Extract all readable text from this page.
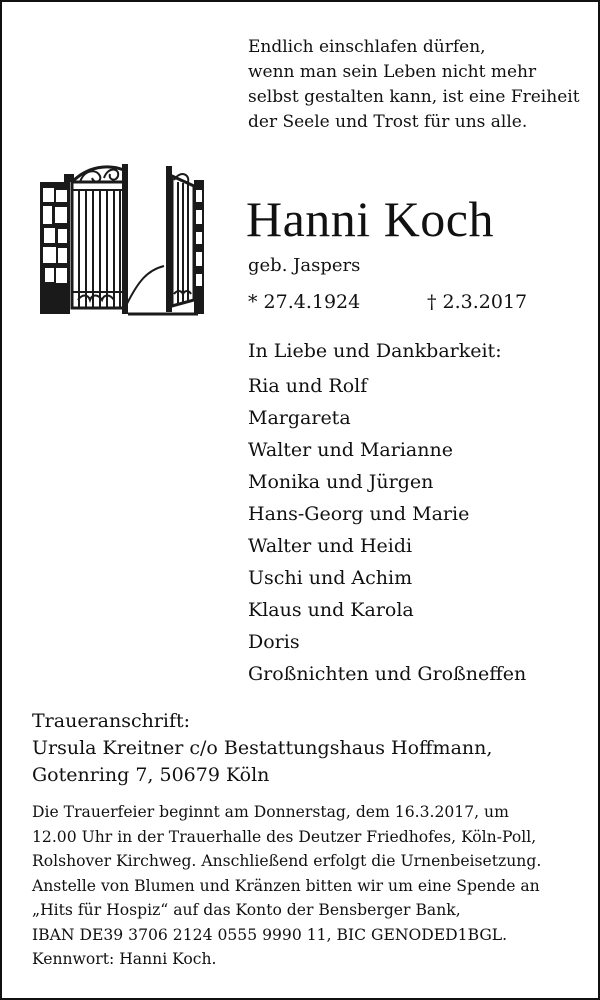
Endlich einschlafen dürfen,
wenn man sein Leben nicht mehr
selbst gestalten kann, ist eine Freiheit
der Seele und Trost für uns alle.
Hanni Koch
geb. Jaspers
* 27.4.1924	† 2.3.2017
In Liebe und Dankbarkeit:
Ria und Rolf
Margareta
Walter und Marianne
Monika und Jürgen
Hans-Georg und Marie
Walter und Heidi
Uschi und Achim
Klaus und Karola
Doris
Großnichten und Großneffen
Traueranschrift:
Ursula Kreitner c/o Bestattungshaus Hoffmann,
Gotenring 7, 50679 Köln
Die Trauerfeier beginnt am Donnerstag, dem 16.3.2017, um
12.00 Uhr in der Trauerhalle des Deutzer Friedhofes, Köln-Poll,
Rolshover Kirchweg. Anschließend erfolgt die Urnenbeisetzung.
Anstelle von Blumen und Kränzen bitten wir um eine Spende an
„Hits für Hospiz“ auf das Konto der Bensberger Bank,
IBAN DE39 3706 2124 0555 9990 11, BIC GENODED1BGL.
Kennwort: Hanni Koch.
